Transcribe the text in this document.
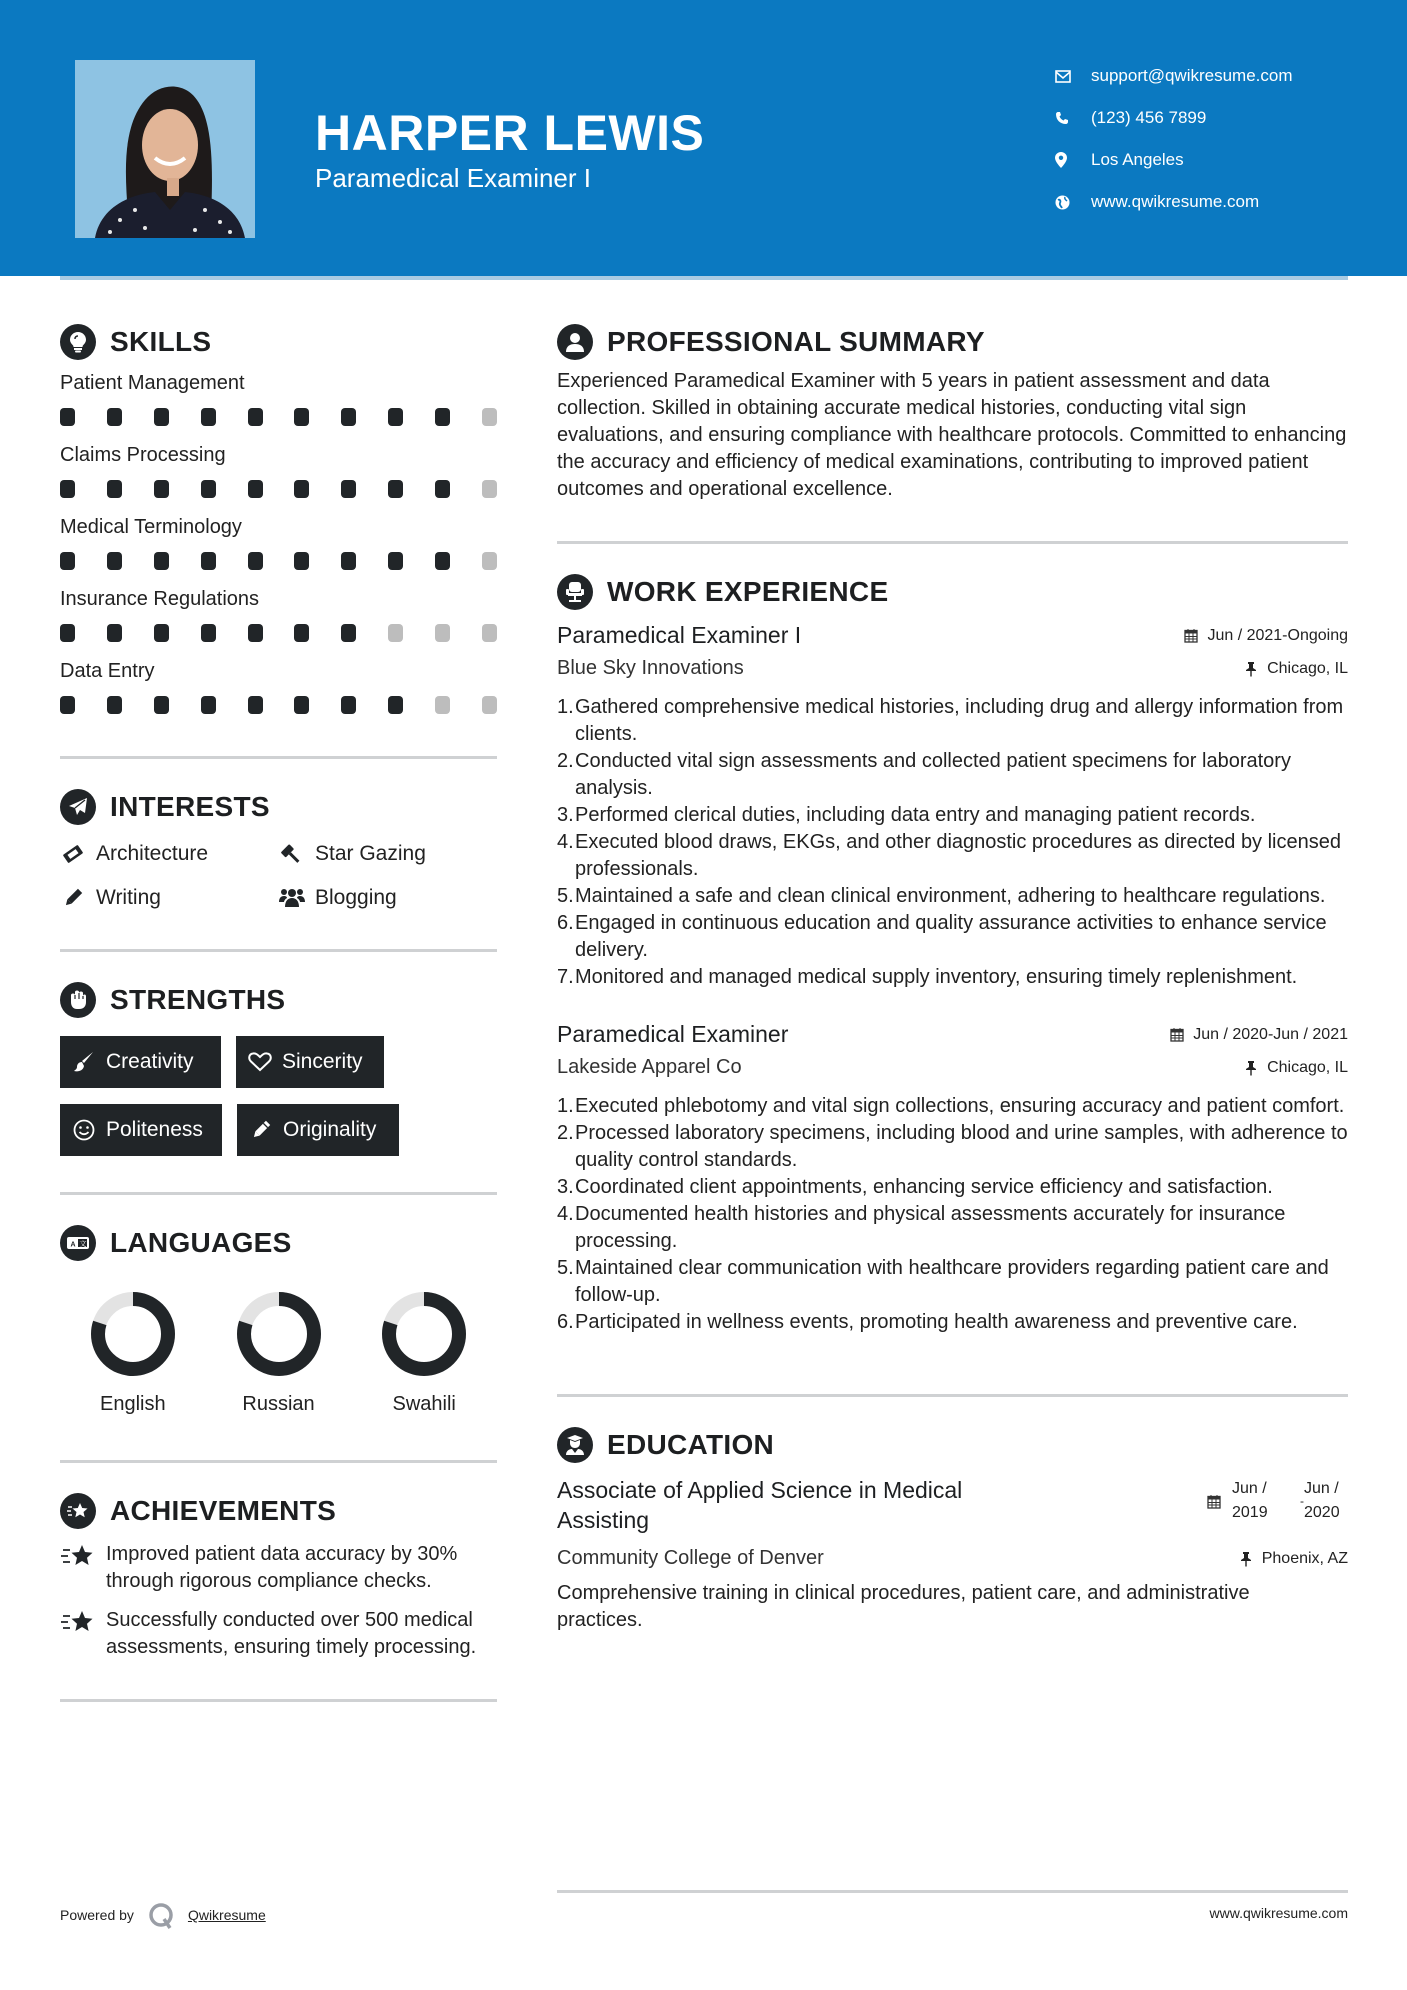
HARPER LEWIS
Paramedical Examiner I
support@qwikresume.com
(123) 456 7899
Los Angeles
www.qwikresume.com
SKILLS
Patient Management
Claims Processing
Medical Terminology
Insurance Regulations
Data Entry
INTERESTS
Architecture	Star Gazing
Writing	Blogging
STRENGTHS
Creativity	Sincerity
Politeness	Originality
A 文 LANGUAGES
English	Russian	Swahili
ACHIEVEMENTS
Improved patient data accuracy by 30% through rigorous compliance checks.
Successfully conducted over 500 medical assessments, ensuring timely processing.
PROFESSIONAL SUMMARY

Experienced Paramedical Examiner with 5 years in patient assessment and data collection. Skilled in obtaining accurate medical histories, conducting vital sign evaluations, and ensuring compliance with healthcare protocols. Committed to enhancing the accuracy and efficiency of medical examinations, contributing to improved patient outcomes and operational excellence.

WORK EXPERIENCE
Paramedical Examiner I	Jun / 2021-Ongoing
Blue Sky Innovations	Chicago, IL
1. Gathered comprehensive medical histories, including drug and allergy information from clients.
2. Conducted vital sign assessments and collected patient specimens for laboratory analysis.
3. Performed clerical duties, including data entry and managing patient records.
4. Executed blood draws, EKGs, and other diagnostic procedures as directed by licensed professionals.
5. Maintained a safe and clean clinical environment, adhering to healthcare regulations.
6. Engaged in continuous education and quality assurance activities to enhance service delivery.
7. Monitored and managed medical supply inventory, ensuring timely replenishment.
Paramedical Examiner	Jun / 2020-Jun / 2021
Lakeside Apparel Co	Chicago, IL
1. Executed phlebotomy and vital sign collections, ensuring accuracy and patient comfort.
2. Processed laboratory specimens, including blood and urine samples, with adherence to quality control standards.
3. Coordinated client appointments, enhancing service efficiency and satisfaction.
4. Documented health histories and physical assessments accurately for insurance processing.
5. Maintained clear communication with healthcare providers regarding patient care and follow-up.
6. Participated in wellness events, promoting health awareness and preventive care.
EDUCATION
Associate of Applied Science in Medical Assisting
Jun / 2019
-
Jun / 2020
Community College of Denver	Phoenix, AZ

Comprehensive training in clinical procedures, patient care, and administrative practices.

Powered by	Qwikresume	www.qwikresume.com
